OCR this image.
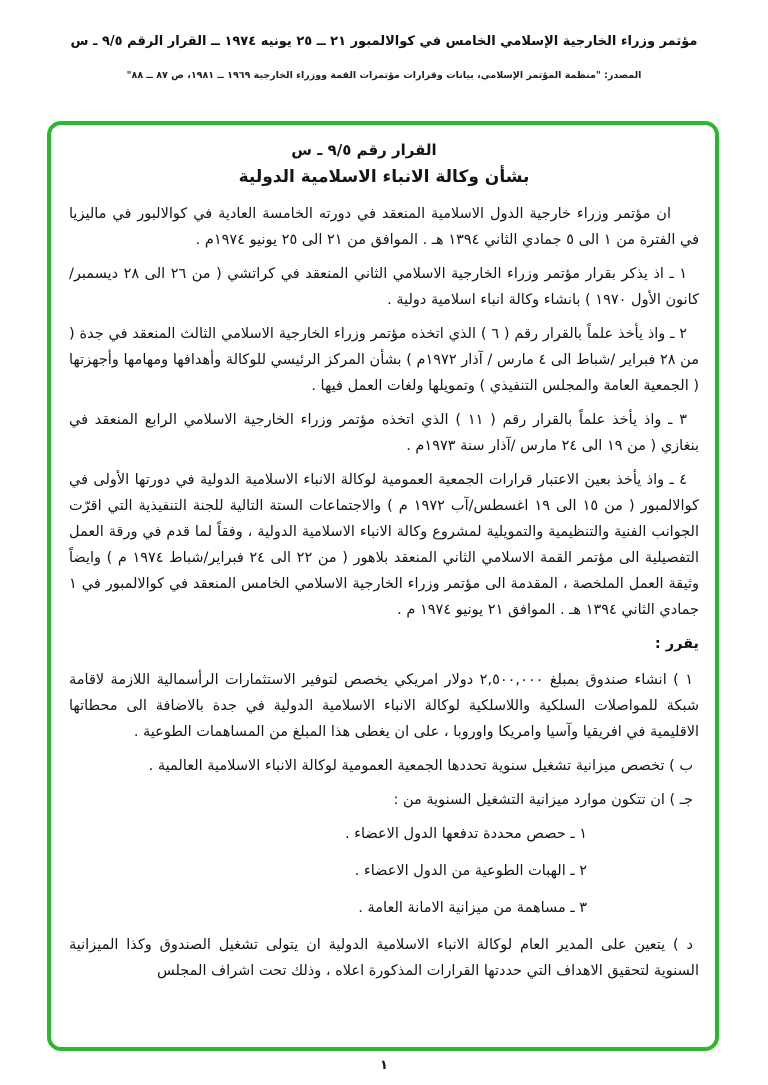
مؤتمر وزراء الخارجية الإسلامي الخامس في كوالالمبور ٢١ ــ ٢٥ يونيه ١٩٧٤ ــ القرار الرقم ٩/٥ ـ س
المصدر: "منظمة المؤتمر الإسلامي، بيانات وقرارات مؤتمرات القمة ووزراء الخارجية ١٩٦٩ ــ ١٩٨١، ص ٨٧ ــ ٨٨"
القرار رقم ٩/٥ ـ س
بشأن وكالة الانباء الاسلامية الدولية

ان مؤتمر وزراء خارجية الدول الاسلامية المنعقد في دورته الخامسة العادية في كوالالبور في ماليزيا في الفترة من ١ الى ٥ جمادي الثاني ١٣٩٤ هـ . الموافق من ٢١ الى ٢٥ يونيو ١٩٧٤م .

١ ـ اذ يذكر بقرار مؤتمر وزراء الخارجية الاسلامي الثاني المنعقد في كراتشي ( من ٢٦ الى ٢٨ ديسمبر/ كانون الأول ١٩٧٠ ) بانشاء وكالة انباء اسلامية دولية .

٢ ـ واذ يأخذ علماً بالقرار رقم ( ٦ ) الذي اتخذه مؤتمر وزراء الخارجية الاسلامي الثالث المنعقد في جدة ( من ٢٨ فبراير /شباط الى ٤ مارس / آذار ١٩٧٢م ) بشأن المركز الرئيسي للوكالة وأهدافها ومهامها وأجهزتها ( الجمعية العامة والمجلس التنفيذي ) وتمويلها ولغات العمل فيها .

٣ ـ واذ يأخذ علماً بالقرار رقم ( ١١ ) الذي اتخذه مؤتمر وزراء الخارجية الاسلامي الرابع المنعقد في بنغازي ( من ١٩ الى ٢٤ مارس /آذار سنة ١٩٧٣م .

٤ ـ واذ يأخذ بعين الاعتبار قرارات الجمعية العمومية لوكالة الانباء الاسلامية الدولية في دورتها الأولى في كوالالمبور ( من ١٥ الى ١٩ اغسطس/آب ١٩٧٢ م ) والاجتماعات الستة التالية للجنة التنفيذية التي اقرّت الجوانب الفنية والتنظيمية والتمويلية لمشروع وكالة الانباء الاسلامية الدولية ، وفقاً لما قدم في ورقة العمل التفصيلية الى مؤتمر القمة الاسلامي الثاني المنعقد بلاهور ( من ٢٢ الى ٢٤ فبراير/شباط ١٩٧٤ م ) وايضاً وثيقة العمل الملخصة ، المقدمة الى مؤتمر وزراء الخارجية الاسلامي الخامس المنعقد في كوالالمبور في ١ جمادي الثاني ١٣٩٤ هـ . الموافق ٢١ يونيو ١٩٧٤ م .

يقرر :

١ ) انشاء صندوق بمبلغ ٢,٥٠٠,٠٠٠ دولار امريكي يخصص لتوفير الاستثمارات الرأسمالية اللازمة لاقامة شبكة للمواصلات السلكية واللاسلكية لوكالة الانباء الاسلامية الدولية في جدة بالاضافة الى محطاتها الاقليمية في افريقيا وآسيا وامريكا واوروبا ، على ان يغطى هذا المبلغ من المساهمات الطوعية .

ب ) تخصص ميزانية تشغيل سنوية تحددها الجمعية العمومية لوكالة الانباء الاسلامية العالمية .

جـ ) ان تتكون موارد ميزانية التشغيل السنوية من :

١ ـ حصص محددة تدفعها الدول الاعضاء .

٢ ـ الهبات الطوعية من الدول الاعضاء .

٣ ـ مساهمة من ميزانية الامانة العامة .

د ) يتعين على المدير العام لوكالة الانباء الاسلامية الدولية ان يتولى تشغيل الصندوق وكذا الميزانية السنوية لتحقيق الاهداف التي حددتها القرارات المذكورة اعلاه ، وذلك تحت اشراف المجلس

١
